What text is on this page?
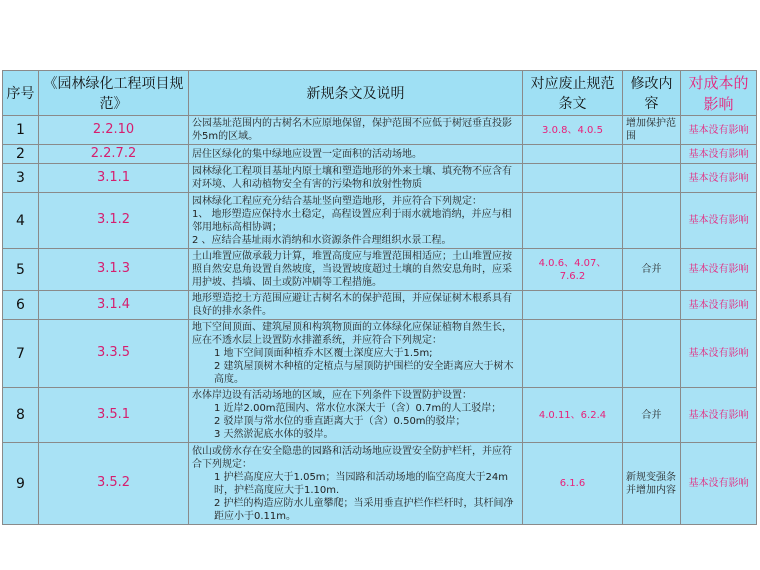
序号	《园林绿化工程项目规范》	新规条文及说明	对应废止规范条文	修改内容	对成本的影响
1	2.2.10	公园基址范围内的古树名木应原地保留，保护范围不应低于树冠垂直投影外5m的区域。	3.0.8、4.0.5	增加保护范围	基本没有影响
2	2.2.7.2	居住区绿化的集中绿地应设置一定面积的活动场地。			基本没有影响
3	3.1.1	园林绿化工程项目基址内原土壤和塑造地形的外来土壤、填充物不应含有对环境、人和动植物安全有害的污染物和放射性物质			基本没有影响
4	3.1.2	园林绿化工程应充分结合基址竖向塑造地形，并应符合下列规定：
1、 地形塑造应保持水土稳定，高程设置应利于雨水就地消纳，并应与相邻用地标高相协调；
2 、应结合基址雨水消纳和水资源条件合理组织水景工程。			基本没有影响
5	3.1.3	土山堆置应做承载力计算，堆置高度应与堆置范围相适应；土山堆置应按照自然安息角设置自然坡度，当设置坡度超过土壤的自然安息角时，应采用护坡、挡墙、固土或防冲刷等工程措施。	4.0.6、4.07、7.6.2	合并	基本没有影响
6	3.1.4	地形塑造挖土方范围应避让古树名木的保护范围，并应保证树木根系具有良好的排水条件。			基本没有影响
7	3.3.5	地下空间顶面、建筑屋顶和构筑物顶面的立体绿化应保证植物自然生长，应在不透水层上设置防水排灌系统，并应符合下列规定：
1 地下空间顶面种植乔木区覆土深度应大于1.5m;
2 建筑屋顶树木种植的定植点与屋顶防护围栏的安全距离应大于树木高度。			基本没有影响
8	3.5.1	水体岸边设有活动场地的区域，应在下列条件下设置防护设置：
1 近岸2.00m范围内、常水位水深大于（含）0.7m的人工驳岸；
2 驳岸顶与常水位的垂直距离大于（含）0.50m的驳岸；
3 天然淤泥底水体的驳岸。	4.0.11、6.2.4	合并	基本没有影响
9	3.5.2	依山或傍水存在安全隐患的园路和活动场地应设置安全防护栏杆，并应符合下列规定：
1 护栏高度应大于1.05m；当园路和活动场地的临空高度大于24m时，护栏高度应大于1.10m.
2 护栏的构造应防水儿童攀爬；当采用垂直护栏作栏杆时，其杆间净距应小于0.11m。	6.1.6	新规变强条并增加内容	基本没有影响
